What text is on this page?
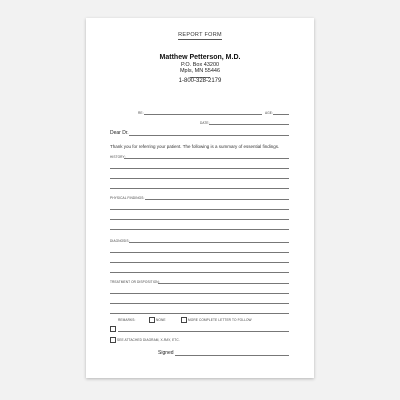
REPORT FORM
Matthew Petterson, M.D.
P.O. Box 43200
Mpls, MN 55446
1-800-328-2179
RE:	AGE:
DATE:
Dear Dr.
Thank you for referring your patient. The following is a summary of essential findings.
HISTORY:
PHYSICAL FINDINGS:
DIAGNOSIS:
TREATMENT OR DISPOSITION:
REMARKS:	NONE	MORE COMPLETE LETTER TO FOLLOW
SEE ATTACHED DIAGRAM, X-RAY, ETC.
Signed
